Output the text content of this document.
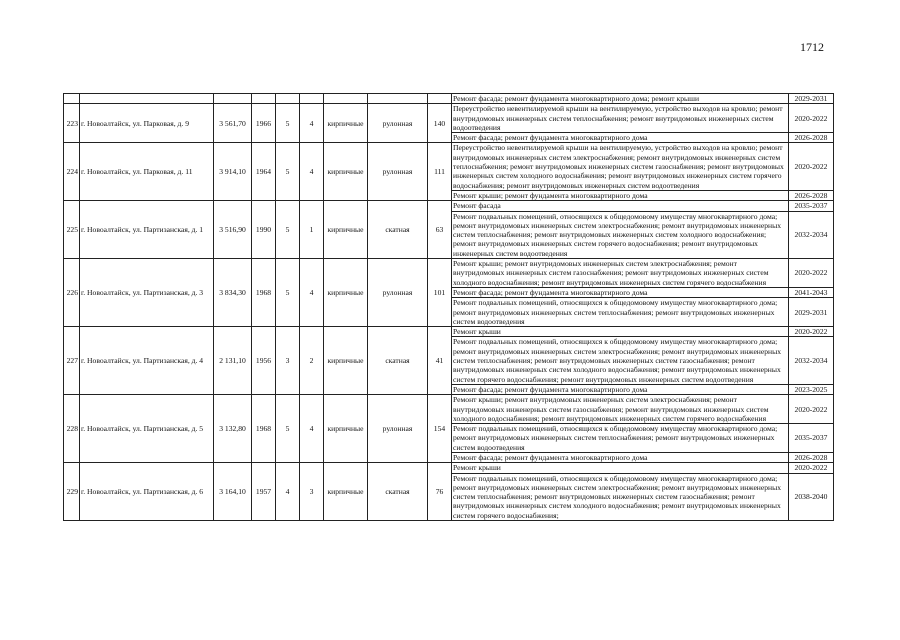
1712
									Ремонт фасада; ремонт фундамента многоквартирного дома; ремонт крыши	2029-2031
223	г. Новоалтайск, ул. Парковая, д. 9	3 561,70	1966	5	4	кирпичные	рулонная	140	Переустройство невентилируемой крыши на вентилируемую, устройство выходов на кровлю; ремонт внутридомовых инженерных систем теплоснабжения; ремонт внутридомовых инженерных систем водоотведения	2020-2022
									Ремонт фасада; ремонт фундамента многоквартирного дома	2026-2028
224	г. Новоалтайск, ул. Парковая, д. 11	3 914,10	1964	5	4	кирпичные	рулонная	111	Переустройство невентилируемой крыши на вентилируемую, устройство выходов на кровлю; ремонт внутридомовых инженерных систем электроснабжения; ремонт внутридомовых инженерных систем теплоснабжения; ремонт внутридомовых инженерных систем газоснабжения; ремонт внутридомовых инженерных систем холодного водоснабжения; ремонт внутридомовых инженерных систем горячего водоснабжения; ремонт внутридомовых инженерных систем водоотведения	2020-2022
									Ремонт крыши; ремонт фундамента многоквартирного дома	2026-2028
225	г. Новоалтайск, ул. Партизанская, д. 1	3 516,90	1990	5	1	кирпичные	скатная	63	Ремонт фасада	2035-2037
									Ремонт подвальных помещений, относящихся к общедомовому имуществу многоквартирного дома; ремонт внутридомовых инженерных систем электроснабжения; ремонт внутридомовых инженерных систем теплоснабжения; ремонт внутридомовых инженерных систем холодного водоснабжения; ремонт внутридомовых инженерных систем горячего водоснабжения; ремонт внутридомовых инженерных систем водоотведения	2032-2034
226	г. Новоалтайск, ул. Партизанская, д. 3	3 834,30	1968	5	4	кирпичные	рулонная	101	Ремонт крыши; ремонт внутридомовых инженерных систем электроснабжения; ремонт внутридомовых инженерных систем газоснабжения; ремонт внутридомовых инженерных систем холодного водоснабжения; ремонт внутридомовых инженерных систем горячего водоснабжения	2020-2022
									Ремонт фасада; ремонт фундамента многоквартирного дома	2041-2043
									Ремонт подвальных помещений, относящихся к общедомовому имуществу многоквартирного дома; ремонт внутридомовых инженерных систем теплоснабжения; ремонт внутридомовых инженерных систем водоотведения	2029-2031
227	г. Новоалтайск, ул. Партизанская, д. 4	2 131,10	1956	3	2	кирпичные	скатная	41	Ремонт крыши	2020-2022
									Ремонт подвальных помещений, относящихся к общедомовому имуществу многоквартирного дома; ремонт внутридомовых инженерных систем электроснабжения; ремонт внутридомовых инженерных систем теплоснабжения; ремонт внутридомовых инженерных систем газоснабжения; ремонт внутридомовых инженерных систем холодного водоснабжения; ремонт внутридомовых инженерных систем горячего водоснабжения; ремонт внутридомовых инженерных систем водоотведения	2032-2034
									Ремонт фасада; ремонт фундамента многоквартирного дома	2023-2025
228	г. Новоалтайск, ул. Партизанская, д. 5	3 132,80	1968	5	4	кирпичные	рулонная	154	Ремонт крыши; ремонт внутридомовых инженерных систем электроснабжения; ремонт внутридомовых инженерных систем газоснабжения; ремонт внутридомовых инженерных систем холодного водоснабжения; ремонт внутридомовых инженерных систем горячего водоснабжения	2020-2022
									Ремонт подвальных помещений, относящихся к общедомовому имуществу многоквартирного дома; ремонт внутридомовых инженерных систем теплоснабжения; ремонт внутридомовых инженерных систем водоотведения	2035-2037
									Ремонт фасада; ремонт фундамента многоквартирного дома	2026-2028
229	г. Новоалтайск, ул. Партизанская, д. 6	3 164,10	1957	4	3	кирпичные	скатная	76	Ремонт крыши	2020-2022
									Ремонт подвальных помещений, относящихся к общедомовому имуществу многоквартирного дома; ремонт внутридомовых инженерных систем электроснабжения; ремонт внутридомовых инженерных систем теплоснабжения; ремонт внутридомовых инженерных систем газоснабжения; ремонт внутридомовых инженерных систем холодного водоснабжения; ремонт внутридомовых инженерных систем горячего водоснабжения;	2038-2040
